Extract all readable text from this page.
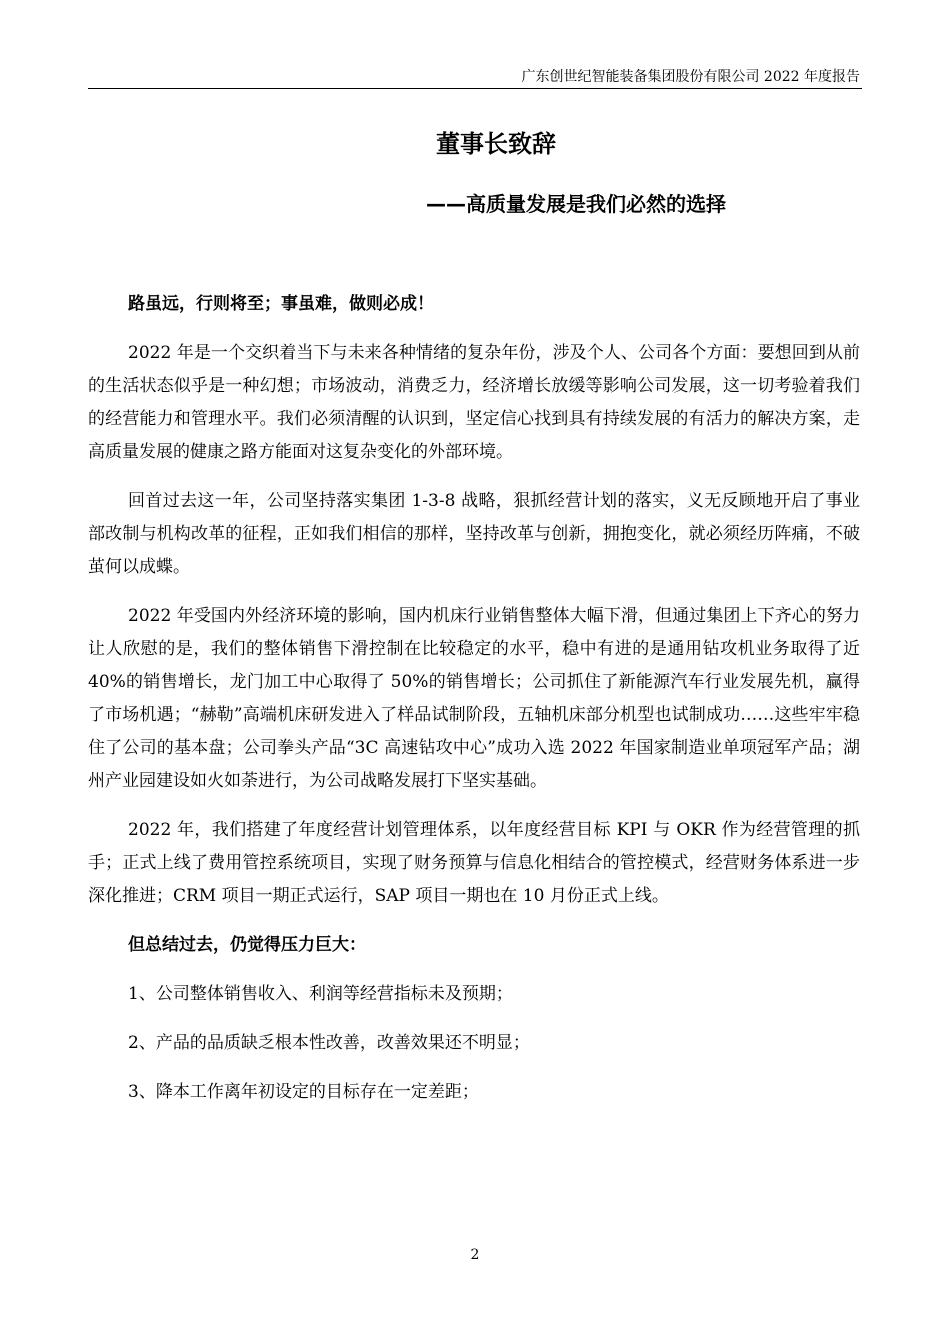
广东创世纪智能装备集团股份有限公司 2022 年度报告
董事长致辞
——高质量发展是我们必然的选择

路虽远，行则将至；事虽难，做则必成！

2022 年是一个交织着当下与未来各种情绪的复杂年份，涉及个人、公司各个方面：要想回到从前的生活状态似乎是一种幻想；市场波动，消费乏力，经济增长放缓等影响公司发展，这一切考验着我们的经营能力和管理水平。我们必须清醒的认识到，坚定信心找到具有持续发展的有活力的解决方案，走高质量发展的健康之路方能面对这复杂变化的外部环境。

回首过去这一年，公司坚持落实集团 1-3-8 战略，狠抓经营计划的落实，义无反顾地开启了事业部改制与机构改革的征程，正如我们相信的那样，坚持改革与创新，拥抱变化，就必须经历阵痛，不破茧何以成蝶。

2022 年受国内外经济环境的影响，国内机床行业销售整体大幅下滑，但通过集团上下齐心的努力让人欣慰的是，我们的整体销售下滑控制在比较稳定的水平，稳中有进的是通用钻攻机业务取得了近 40%的销售增长，龙门加工中心取得了 50%的销售增长；公司抓住了新能源汽车行业发展先机，赢得了市场机遇；“赫勒”高端机床研发进入了样品试制阶段，五轴机床部分机型也试制成功……这些牢牢稳住了公司的基本盘；公司拳头产品“3C 高速钻攻中心”成功入选 2022 年国家制造业单项冠军产品；湖州产业园建设如火如荼进行，为公司战略发展打下坚实基础。

2022 年，我们搭建了年度经营计划管理体系，以年度经营目标 KPI 与 OKR 作为经营管理的抓手；正式上线了费用管控系统项目，实现了财务预算与信息化相结合的管控模式，经营财务体系进一步深化推进；CRM 项目一期正式运行，SAP 项目一期也在 10 月份正式上线。

但总结过去，仍觉得压力巨大：

1、公司整体销售收入、利润等经营指标未及预期；

2、产品的品质缺乏根本性改善，改善效果还不明显；

3、降本工作离年初设定的目标存在一定差距；

2
